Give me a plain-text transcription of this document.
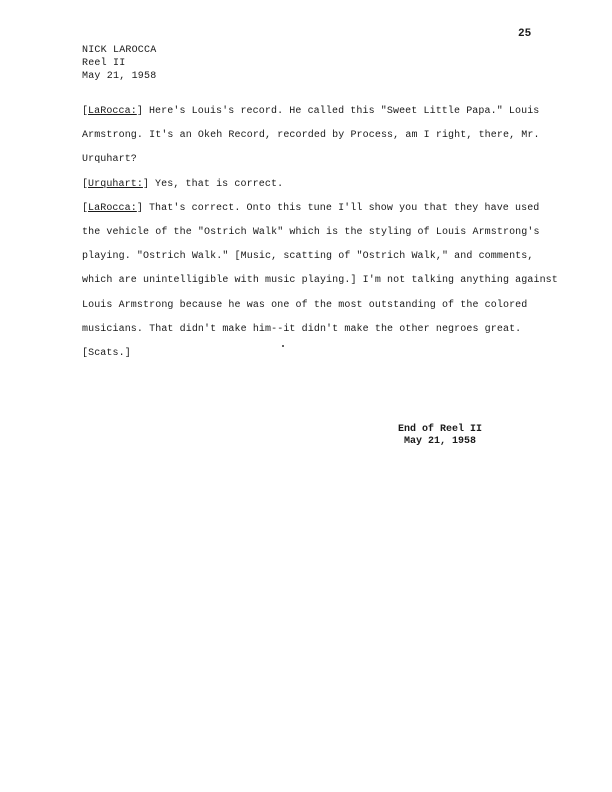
25
NICK LAROCCA
Reel II
May 21, 1958
[LaRocca:] Here's Louis's record. He called this "Sweet Little Papa." Louis
Armstrong. It's an Okeh Record, recorded by Process, am I right, there, Mr.
Urquhart?
[Urquhart:] Yes, that is correct.
[LaRocca:] That's correct. Onto this tune I'll show you that they have used
the vehicle of the "Ostrich Walk" which is the styling of Louis Armstrong's
playing. "Ostrich Walk." [Music, scatting of "Ostrich Walk," and comments,
which are unintelligible with music playing.] I'm not talking anything against
Louis Armstrong because he was one of the most outstanding of the colored
musicians. That didn't make him--it didn't make the other negroes great.
[Scats.]
End of Reel II
May 21, 1958
